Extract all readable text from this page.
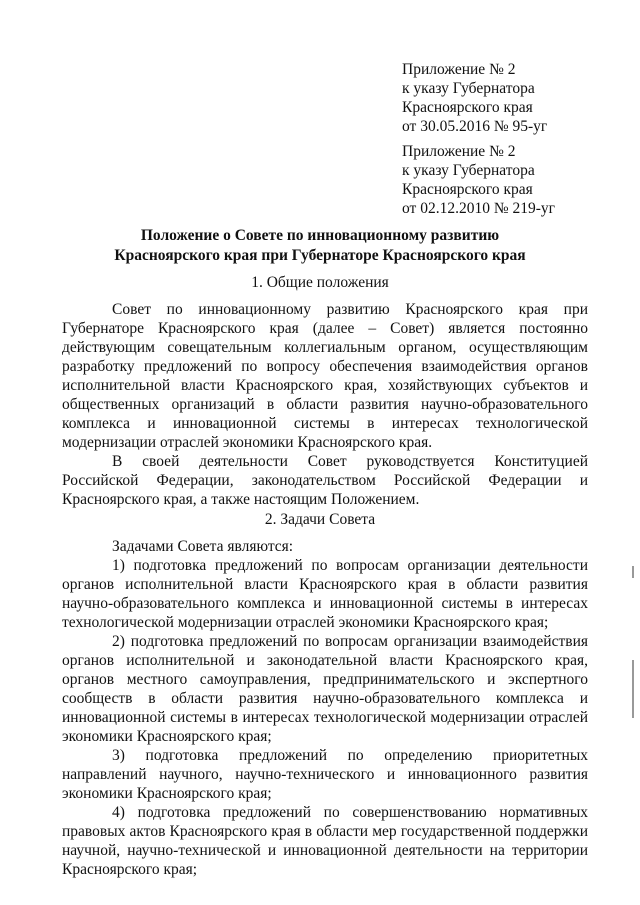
Приложение № 2
к указу Губернатора
Красноярского края
от 30.05.2016 № 95-уг
Приложение № 2
к указу Губернатора
Красноярского края
от 02.12.2010 № 219-уг
Положение о Совете по инновационному развитию
Красноярского края при Губернаторе Красноярского края
1. Общие положения

Совет по инновационному развитию Красноярского края при Губернаторе Красноярского края (далее – Совет) является постоянно действующим совещательным коллегиальным органом, осуществляющим разработку предложений по вопросу обеспечения взаимодействия органов исполнительной власти Красноярского края, хозяйствующих субъектов и общественных организаций в области развития научно-образовательного комплекса и инновационной системы в интересах технологической модернизации отраслей экономики Красноярского края.

В своей деятельности Совет руководствуется Конституцией Российской Федерации, законодательством Российской Федерации и Красноярского края, а также настоящим Положением.

2. Задачи Совета

Задачами Совета являются:

1) подготовка предложений по вопросам организации деятельности органов исполнительной власти Красноярского края в области развития научно-образовательного комплекса и инновационной системы в интересах технологической модернизации отраслей экономики Красноярского края;

2) подготовка предложений по вопросам организации взаимодействия органов исполнительной и законодательной власти Красноярского края, органов местного самоуправления, предпринимательского и экспертного сообществ в области развития научно-образовательного комплекса и инновационной системы в интересах технологической модернизации отраслей экономики Красноярского края;

3) подготовка предложений по определению приоритетных направлений научного, научно-технического и инновационного развития экономики Красноярского края;

4) подготовка предложений по совершенствованию нормативных правовых актов Красноярского края в области мер государственной поддержки научной, научно-технической и инновационной деятельности на территории Красноярского края;
